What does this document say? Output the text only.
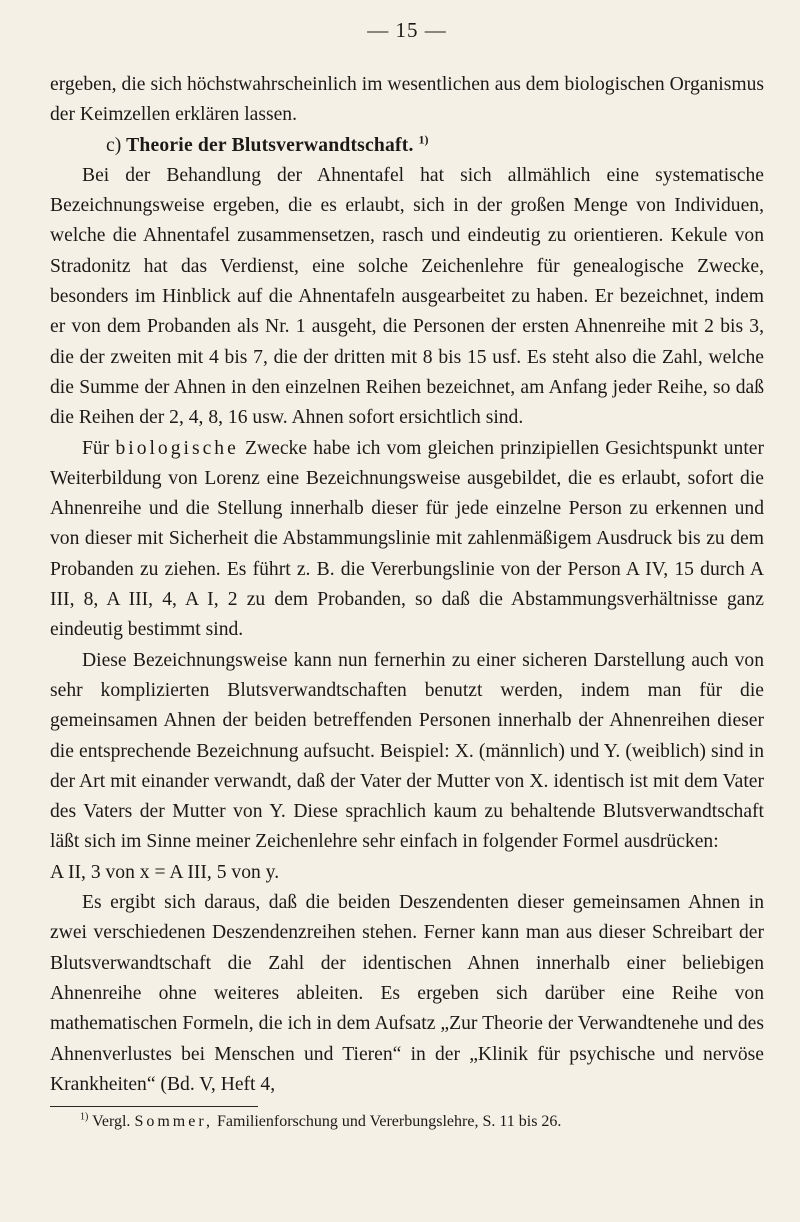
— 15 —

ergeben, die sich höchstwahrscheinlich im wesentlichen aus dem biologischen Organismus der Keimzellen erklären lassen.

c) Theorie der Blutsverwandtschaft. $^{1)}$

Bei der Behandlung der Ahnentafel hat sich allmählich eine systematische Bezeichnungsweise ergeben, die es erlaubt, sich in der großen Menge von Individuen, welche die Ahnentafel zusammensetzen, rasch und eindeutig zu orientieren. Kekule von Stradonitz hat das Verdienst, eine solche Zeichenlehre für genealogische Zwecke, besonders im Hinblick auf die Ahnentafeln ausgearbeitet zu haben. Er bezeichnet, indem er von dem Probanden als Nr. 1 ausgeht, die Personen der ersten Ahnenreihe mit 2 bis 3, die der zweiten mit 4 bis 7, die der dritten mit 8 bis 15 usf. Es steht also die Zahl, welche die Summe der Ahnen in den einzelnen Reihen bezeichnet, am Anfang jeder Reihe, so daß die Reihen der 2, 4, 8, 16 usw. Ahnen sofort ersichtlich sind.

Für biologische Zwecke habe ich vom gleichen prinzipiellen Gesichtspunkt unter Weiterbildung von Lorenz eine Bezeichnungsweise ausgebildet, die es erlaubt, sofort die Ahnenreihe und die Stellung innerhalb dieser für jede einzelne Person zu erkennen und von dieser mit Sicherheit die Abstammungslinie mit zahlenmäßigem Ausdruck bis zu dem Probanden zu ziehen. Es führt z. B. die Vererbungslinie von der Person A IV, 15 durch A III, 8, A III, 4, A I, 2 zu dem Probanden, so daß die Abstammungsverhältnisse ganz eindeutig bestimmt sind.

Diese Bezeichnungsweise kann nun fernerhin zu einer sicheren Darstellung auch von sehr komplizierten Blutsverwandtschaften benutzt werden, indem man für die gemeinsamen Ahnen der beiden betreffenden Personen innerhalb der Ahnenreihen dieser die entsprechende Bezeichnung aufsucht. Beispiel: X. (männlich) und Y. (weiblich) sind in der Art mit einander verwandt, daß der Vater der Mutter von X. identisch ist mit dem Vater des Vaters der Mutter von Y. Diese sprachlich kaum zu behaltende Blutsverwandtschaft läßt sich im Sinne meiner Zeichenlehre sehr einfach in folgender Formel ausdrücken:

A II, 3 von x = A III, 5 von y.

Es ergibt sich daraus, daß die beiden Deszendenten dieser gemeinsamen Ahnen in zwei verschiedenen Deszendenzreihen stehen. Ferner kann man aus dieser Schreibart der Blutsverwandtschaft die Zahl der identischen Ahnen innerhalb einer beliebigen Ahnenreihe ohne weiteres ableiten. Es ergeben sich darüber eine Reihe von mathematischen Formeln, die ich in dem Aufsatz „Zur Theorie der Verwandtenehe und des Ahnenverlustes bei Menschen und Tieren“ in der „Klinik für psychische und nervöse Krankheiten“ (Bd. V, Heft 4,

$^{1)}$ Vergl. Sommer, Familienforschung und Vererbungslehre, S. 11 bis 26.
